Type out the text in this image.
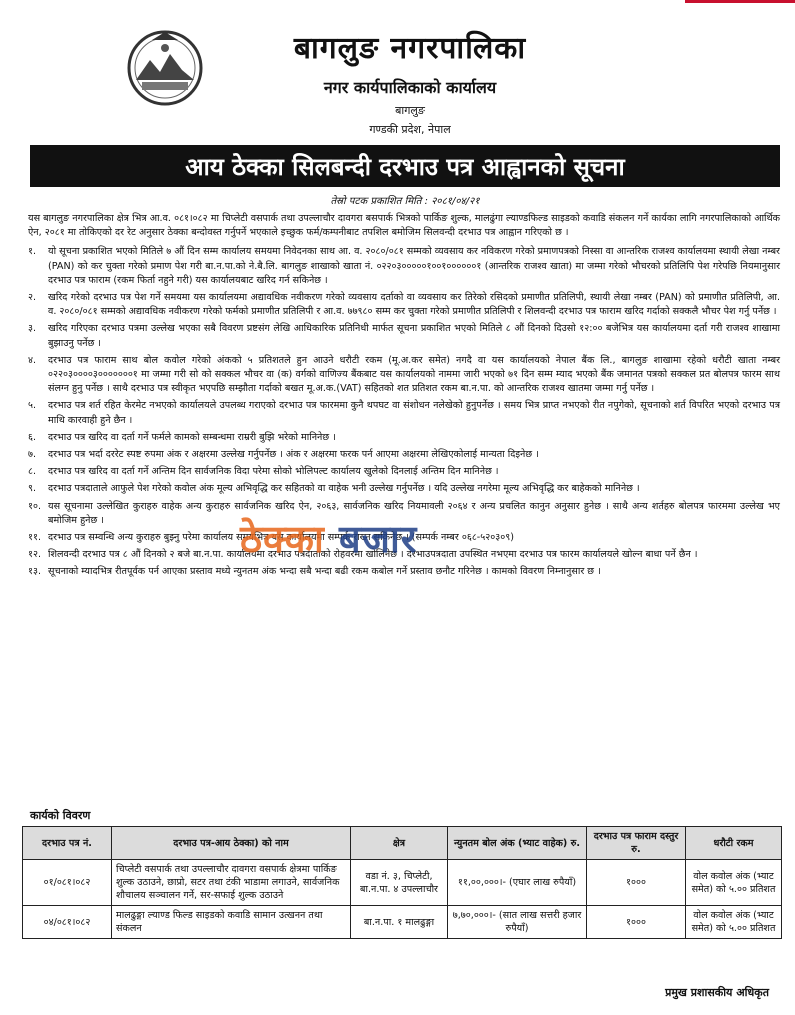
बागलुङ नगरपालिका
नगर कार्यपालिकाको कार्यालय
बागलुङ
गण्डकी प्रदेश, नेपाल
आय ठेक्का सिलबन्दी दरभाउ पत्र आह्वानको सूचना
तेस्रो पटक प्रकाशित मिति : २०८१/०४/२१

यस बागलुङ नगरपालिका क्षेत्र भित्र आ.व. ०८१।०८२ मा चिप्लेटी वसपार्क तथा उपल्लाचौर दावगरा बसपार्क भित्रको पार्किङ शुल्क, मालढुंगा ल्याण्डफिल्ड साइडको कवाडि संकलन गर्ने कार्यका लागि नगरपालिकाको आर्थिक ऐन, २०८१ मा तोकिएको दर रेट अनुसार ठेक्का बन्दोवस्त गर्नुपर्ने भएकाले इच्छुक फर्म/कम्पनीबाट तपशिल बमोजिम सिलवन्दी दरभाउ पत्र आह्वान गरिएको छ ।

१.	यो सूचना प्रकाशित भएको मितिले ७ औं दिन सम्म कार्यालय समयमा निवेदनका साथ आ. व. २०८०/०८१ सम्मको व्यवसाय कर नविकरण गरेको प्रमाणपत्रको निस्सा वा आन्तरिक राजश्व कार्यालयमा स्थायी लेखा नम्बर (PAN) को कर चुक्ता गरेको प्रमाण पेश गरी बा.न.पा.को ने.बै.लि. बागलुङ शाखाको खाता नं. ०२२०३०००००१००१००००००१ (आन्तरिक राजश्व खाता) मा जम्मा गरेको भौचरको प्रतिलिपि पेश गरेपछि नियमानुसार दरभाउ पत्र फाराम (रकम फिर्ता नहुने गरी) यस कार्यालयबाट खरिद गर्न सकिनेछ ।
२.	खरिद गरेको दरभाउ पत्र पेश गर्ने समयमा यस कार्यालयमा अद्यावधिक नवीकरण गरेको व्यवसाय दर्ताको वा व्यवसाय कर तिरेको रसिदको प्रमाणीत प्रतिलिपी, स्थायी लेखा नम्बर (PAN) को प्रमाणीत प्रतिलिपी, आ. व. २०८०/०८१ सम्मको अद्यावधिक नवीकरण गरेको फर्मको प्रमाणीत प्रतिलिपी र आ.व. ७७९८० सम्म कर चुक्ता गरेको प्रमाणीत प्रतिलिपी र शिलवन्दी दरभाउ पत्र फाराम खरिद गर्दाको सक्कलै भौचर पेश गर्नु पर्नेछ ।
३.	खरिद गरिएका दरभाउ पत्रमा उल्लेख भएका सबै विवरण प्रष्टसंग लेखि आधिकारिक प्रतिनिधी मार्फत सूचना प्रकाशित भएको मितिले ८ औं दिनको दिउसो १२:०० बजेभित्र यस कार्यालयमा दर्ता गरी राजश्व शाखामा बुझाउनु पर्नेछ ।
४.	दरभाउ पत्र फाराम साथ बोल कवोल गरेको अंकको ५ प्रतिशतले हुन आउने धरौटी रकम (मू.अ.कर समेत) नगदै वा यस कार्यालयको नेपाल बैंक लि., बागलुङ शाखामा रहेको धरौटी खाता नम्बर ०२२०३००००३०००००००१ मा जम्मा गरी सो को सक्कल भौचर वा (क) वर्गको वाणिज्य बैंकबाट यस कार्यालयको नाममा जारी भएको ७१ दिन सम्म म्याद भएको बैंक जमानत पत्रको सक्कल प्रत बोलपत्र फारम साथ संलग्न हुनु पर्नेछ । साथै दरभाउ पत्र स्वीकृत भएपछि सम्झौता गर्दाको बखत मू.अ.क.(VAT) सहितको शत प्रतिशत रकम बा.न.पा. को आन्तरिक राजश्व खातमा जम्मा गर्नु पर्नेछ ।
५.	दरभाउ पत्र शर्त रहित केरमेट नभएको कार्यालयले उपलब्ध गराएको दरभाउ पत्र फारममा कुनै थपघट वा संशोधन नलेखेको हुनुपर्नेछ । समय भित्र प्राप्त नभएको रीत नपुगेको, सूचनाको शर्त विपरित भएको दरभाउ पत्र माथि कारवाही हुने छैन ।
६.	दरभाउ पत्र खरिद वा दर्ता गर्ने फर्मले कामको सम्बन्धमा राम्ररी बुझि भरेको मानिनेछ ।
७.	दरभाउ पत्र भर्दा दररेट स्पष्ट रुपमा अंक र अक्षरमा उल्लेख गर्नुपर्नेछ । अंक र अक्षरमा फरक पर्न आएमा अक्षरमा लेखिएकोलाई मान्यता दिइनेछ ।
८.	दरभाउ पत्र खरिद वा दर्ता गर्ने अन्तिम दिन सार्वजनिक विदा परेमा सोको भोलिपल्ट कार्यालय खुलेको दिनलाई अन्तिम दिन मानिनेछ ।
९.	दरभाउ पत्रदाताले आफुले पेश गरेको कवोल अंक मूल्य अभिवृद्धि कर सहितको वा वाहेक भनी उल्लेख गर्नुपर्नेछ । यदि उल्लेख नगरेमा मूल्य अभिवृद्धि कर बाहेकको मानिनेछ ।
१०. यस सूचनामा उल्लेखित कुराहरु वाहेक अन्य कुराहरु सार्वजनिक खरिद ऐन, २०६३, सार्वजनिक खरिद नियमावली २०६४ र अन्य प्रचलित कानुन अनुसार हुनेछ । साथै अन्य शर्तहरु बोलपत्र फारममा उल्लेख भए बमोजिम हुनेछ ।
११. दरभाउ पत्र सम्वन्धि अन्य कुराहरु बुझ्नु परेमा कार्यालय समयभित्र यस कार्यालयमा सम्पर्क राख्न सकिनेछ । (सम्पर्क नम्बर ०६८-५२०३०९)
१२. शिलवन्दी दरभाउ पत्र ८ औं दिनको २ बजे बा.न.पा. कार्यालयमा दरभाउ पत्रदाताको रोहवरमा खोलिनेछ । दरभाउपत्रदाता उपस्थित नभएमा दरभाउ पत्र फारम कार्यालयले खोल्न बाधा पर्ने छैन ।
१३. सूचनाको म्यादभित्र रीतपूर्वक पर्न आएका प्रस्ताव मध्ये न्युनतम अंक भन्दा सबै भन्दा बढी रकम कबोल गर्ने प्रस्ताव छनौट गरिनेछ । कामको विवरण निम्नानुसार छ ।
ठेक्का बजार
कार्यको विवरण
दरभाउ पत्र नं.	दरभाउ पत्र-आय ठेक्का) को नाम	क्षेत्र	न्युनतम बोल अंक (भ्याट वाहेक) रु.	दरभाउ पत्र फाराम दस्तुर रु.	धरौटी रकम
०१/०८१।०८२	चिप्लेटी वसपार्क तथा उपल्लाचौर दावगरा वसपार्क क्षेत्रमा पार्किङ शुल्क उठाउने, छाप्रो, सटर तथा टंकी भाडामा लगाउने, सार्वजनिक शौचालय सञ्चालन गर्ने, सर-सफाई शुल्क उठाउने	वडा नं. ३, चिप्लेटी, बा.न.पा. ४ उपल्लाचौर	११,००,०००।- (एघार लाख रुपैयाँ)	१०००	वोल कवोल अंक (भ्याट समेत) को ५.०० प्रतिशत
०४/०८१।०८२	मालढुङ्गा ल्याण्ड फिल्ड साइडको कवाडि सामान उत्खनन तथा संकलन	बा.न.पा. १ मालढुङ्गा	७,७०,०००।- (सात लाख सत्तरी हजार रुपैयाँ)	१०००	वोल कवोल अंक (भ्याट समेत) को ५.०० प्रतिशत
प्रमुख प्रशासकीय अधिकृत
